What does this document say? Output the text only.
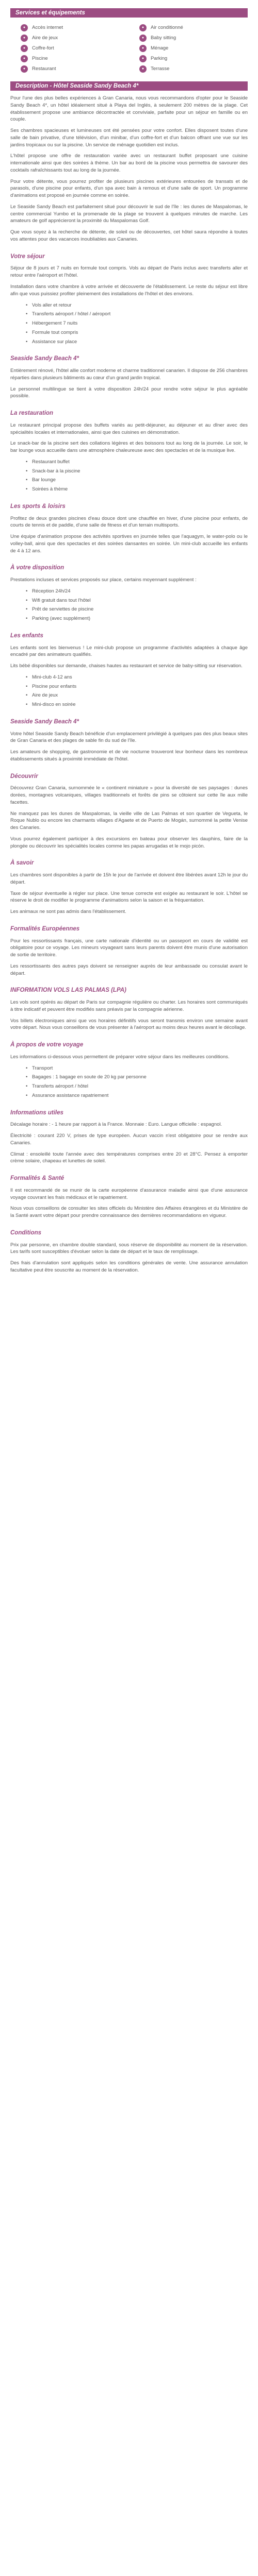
Services et équipements
●	Accès internet	●	Air conditionné
●	Aire de jeux	●	Baby sitting
●	Coffre-fort	●	Ménage
●	Piscine	●	Parking
●	Restaurant	●	Terrasse
Description - Hôtel Seaside Sandy Beach 4*

Pour l'une des plus belles expériences à Gran Canaria, nous vous recommandons d'opter pour le Seaside Sandy Beach 4*, un hôtel idéalement situé à Playa del Inglés, à seulement 200 mètres de la plage. Cet établissement propose une ambiance décontractée et conviviale, parfaite pour un séjour en famille ou en couple.

Ses chambres spacieuses et lumineuses ont été pensées pour votre confort. Elles disposent toutes d'une salle de bain privative, d'une télévision, d'un minibar, d'un coffre-fort et d'un balcon offrant une vue sur les jardins tropicaux ou sur la piscine. Un service de ménage quotidien est inclus.

L'hôtel propose une offre de restauration variée avec un restaurant buffet proposant une cuisine internationale ainsi que des soirées à thème. Un bar au bord de la piscine vous permettra de savourer des cocktails rafraîchissants tout au long de la journée.

Pour votre détente, vous pourrez profiter de plusieurs piscines extérieures entourées de transats et de parasols, d'une piscine pour enfants, d'un spa avec bain à remous et d'une salle de sport. Un programme d'animations est proposé en journée comme en soirée.

Le Seaside Sandy Beach est parfaitement situé pour découvrir le sud de l'île : les dunes de Maspalomas, le centre commercial Yumbo et la promenade de la plage se trouvent à quelques minutes de marche. Les amateurs de golf apprécieront la proximité du Maspalomas Golf.

Que vous soyez à la recherche de détente, de soleil ou de découvertes, cet hôtel saura répondre à toutes vos attentes pour des vacances inoubliables aux Canaries.

Votre séjour

Séjour de 8 jours et 7 nuits en formule tout compris. Vols au départ de Paris inclus avec transferts aller et retour entre l'aéroport et l'hôtel.

Installation dans votre chambre à votre arrivée et découverte de l'établissement. Le reste du séjour est libre afin que vous puissiez profiter pleinement des installations de l'hôtel et des environs.

• Vols aller et retour
• Transferts aéroport / hôtel / aéroport
• Hébergement 7 nuits
• Formule tout compris
• Assistance sur place
Seaside Sandy Beach 4*

Entièrement rénové, l'hôtel allie confort moderne et charme traditionnel canarien. Il dispose de 256 chambres réparties dans plusieurs bâtiments au cœur d'un grand jardin tropical.

Le personnel multilingue se tient à votre disposition 24h/24 pour rendre votre séjour le plus agréable possible.

La restauration

Le restaurant principal propose des buffets variés au petit-déjeuner, au déjeuner et au dîner avec des spécialités locales et internationales, ainsi que des cuisines en démonstration.

Le snack-bar de la piscine sert des collations légères et des boissons tout au long de la journée. Le soir, le bar lounge vous accueille dans une atmosphère chaleureuse avec des spectacles et de la musique live.

• Restaurant buffet
• Snack-bar à la piscine
• Bar lounge
• Soirées à thème
Les sports & loisirs

Profitez de deux grandes piscines d'eau douce dont une chauffée en hiver, d'une piscine pour enfants, de courts de tennis et de paddle, d'une salle de fitness et d'un terrain multisports.

Une équipe d'animation propose des activités sportives en journée telles que l'aquagym, le water-polo ou le volley-ball, ainsi que des spectacles et des soirées dansantes en soirée. Un mini-club accueille les enfants de 4 à 12 ans.

À votre disposition

Prestations incluses et services proposés sur place, certains moyennant supplément :

• Réception 24h/24
• Wifi gratuit dans tout l'hôtel
• Prêt de serviettes de piscine
• Parking (avec supplément)
Les enfants

Les enfants sont les bienvenus ! Le mini-club propose un programme d'activités adaptées à chaque âge encadré par des animateurs qualifiés.

Lits bébé disponibles sur demande, chaises hautes au restaurant et service de baby-sitting sur réservation.

• Mini-club 4-12 ans
• Piscine pour enfants
• Aire de jeux
• Mini-disco en soirée
Seaside Sandy Beach 4*

Votre hôtel Seaside Sandy Beach bénéficie d'un emplacement privilégié à quelques pas des plus beaux sites de Gran Canaria et des plages de sable fin du sud de l'île.

Les amateurs de shopping, de gastronomie et de vie nocturne trouveront leur bonheur dans les nombreux établissements situés à proximité immédiate de l'hôtel.

Découvrir

Découvrez Gran Canaria, surnommée le « continent miniature » pour la diversité de ses paysages : dunes dorées, montagnes volcaniques, villages traditionnels et forêts de pins se côtoient sur cette île aux mille facettes.

Ne manquez pas les dunes de Maspalomas, la vieille ville de Las Palmas et son quartier de Vegueta, le Roque Nublo ou encore les charmants villages d'Agaete et de Puerto de Mogán, surnommé la petite Venise des Canaries.

Vous pourrez également participer à des excursions en bateau pour observer les dauphins, faire de la plongée ou découvrir les spécialités locales comme les papas arrugadas et le mojo picón.

À savoir

Les chambres sont disponibles à partir de 15h le jour de l'arrivée et doivent être libérées avant 12h le jour du départ.

Taxe de séjour éventuelle à régler sur place. Une tenue correcte est exigée au restaurant le soir. L'hôtel se réserve le droit de modifier le programme d'animations selon la saison et la fréquentation.

Les animaux ne sont pas admis dans l'établissement.

Formalités Européennes

Pour les ressortissants français, une carte nationale d'identité ou un passeport en cours de validité est obligatoire pour ce voyage. Les mineurs voyageant sans leurs parents doivent être munis d'une autorisation de sortie de territoire.

Les ressortissants des autres pays doivent se renseigner auprès de leur ambassade ou consulat avant le départ.

INFORMATION VOLS LAS PALMAS (LPA)

Les vols sont opérés au départ de Paris sur compagnie régulière ou charter. Les horaires sont communiqués à titre indicatif et peuvent être modifiés sans préavis par la compagnie aérienne.

Vos billets électroniques ainsi que vos horaires définitifs vous seront transmis environ une semaine avant votre départ. Nous vous conseillons de vous présenter à l'aéroport au moins deux heures avant le décollage.

À propos de votre voyage

Les informations ci-dessous vous permettent de préparer votre séjour dans les meilleures conditions.

• Transport
• Bagages : 1 bagage en soute de 20 kg par personne
• Transferts aéroport / hôtel
• Assurance assistance rapatriement
Informations utiles

Décalage horaire : - 1 heure par rapport à la France. Monnaie : Euro. Langue officielle : espagnol.

Électricité : courant 220 V, prises de type européen. Aucun vaccin n'est obligatoire pour se rendre aux Canaries.

Climat : ensoleillé toute l'année avec des températures comprises entre 20 et 28°C. Pensez à emporter crème solaire, chapeau et lunettes de soleil.

Formalités & Santé

Il est recommandé de se munir de la carte européenne d'assurance maladie ainsi que d'une assurance voyage couvrant les frais médicaux et le rapatriement.

Nous vous conseillons de consulter les sites officiels du Ministère des Affaires étrangères et du Ministère de la Santé avant votre départ pour prendre connaissance des dernières recommandations en vigueur.

Conditions

Prix par personne, en chambre double standard, sous réserve de disponibilité au moment de la réservation. Les tarifs sont susceptibles d'évoluer selon la date de départ et le taux de remplissage.

Des frais d'annulation sont appliqués selon les conditions générales de vente. Une assurance annulation facultative peut être souscrite au moment de la réservation.
